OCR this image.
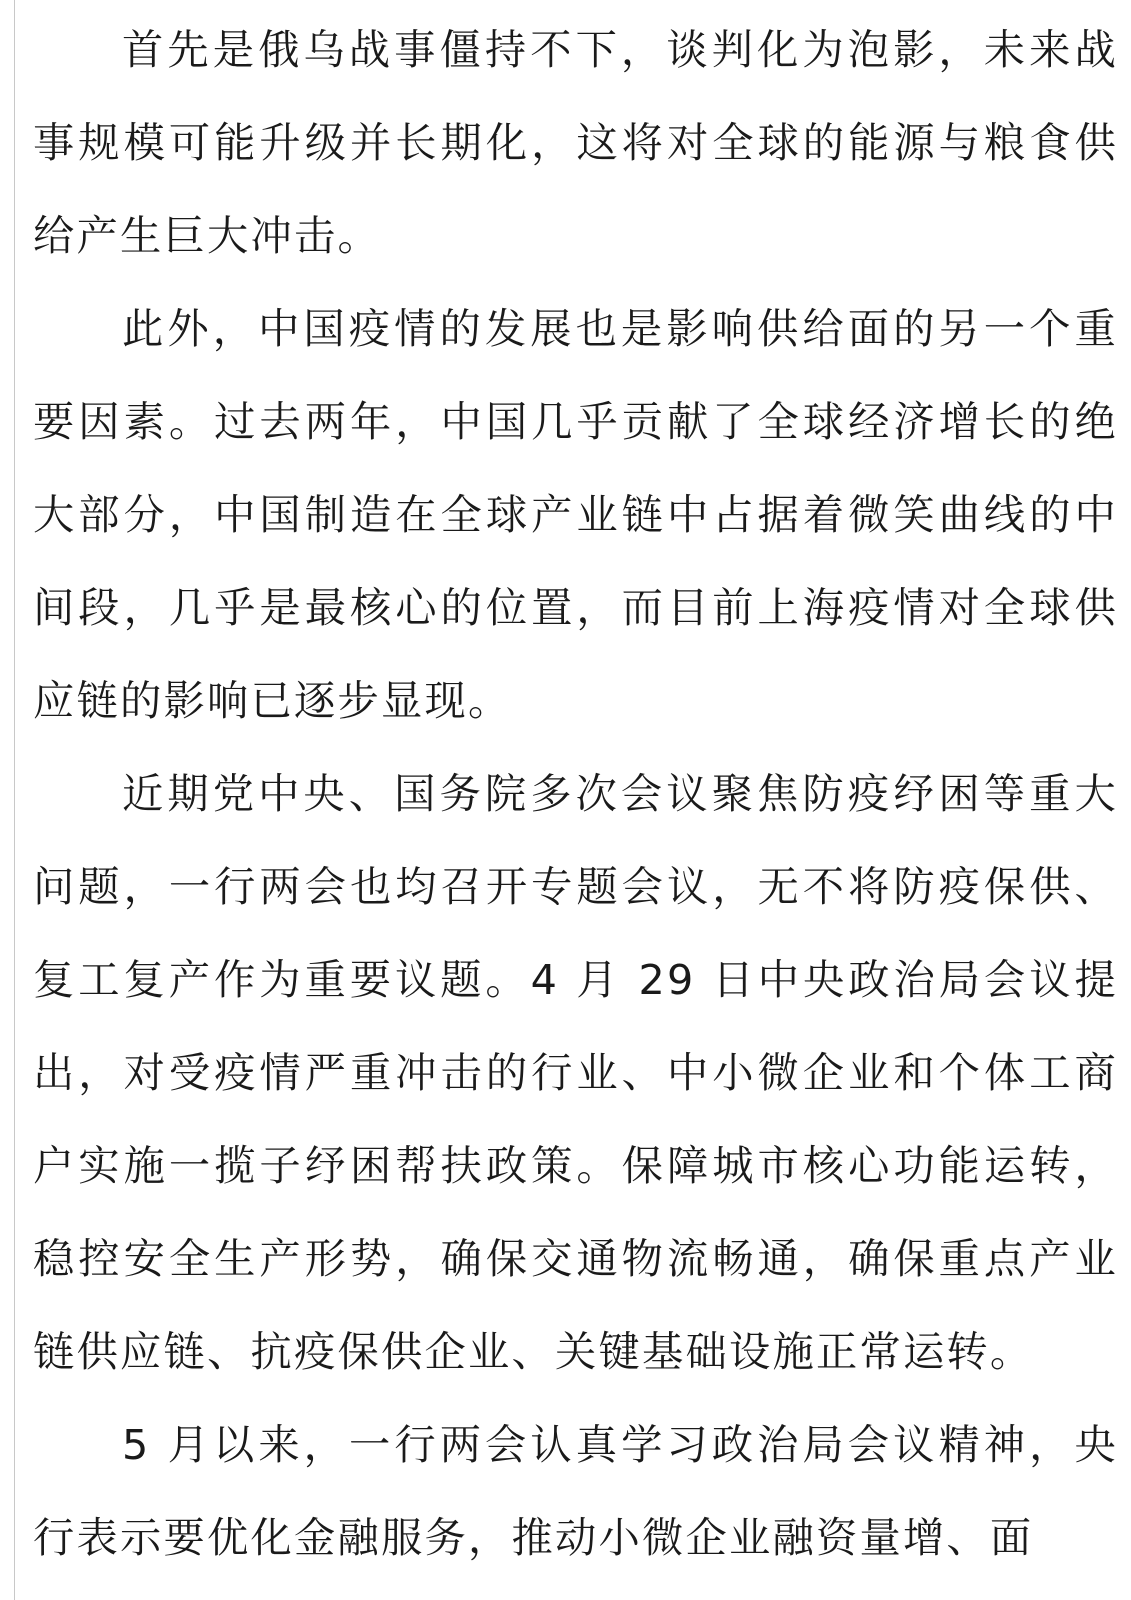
首先是俄乌战事僵持不下，谈判化为泡影，未来战事规模可能升级并长期化，这将对全球的能源与粮食供给产生巨大冲击。

此外，中国疫情的发展也是影响供给面的另一个重要因素。过去两年，中国几乎贡献了全球经济增长的绝大部分，中国制造在全球产业链中占据着微笑曲线的中间段，几乎是最核心的位置，而目前上海疫情对全球供应链的影响已逐步显现。

近期党中央、国务院多次会议聚焦防疫纾困等重大问题，一行两会也均召开专题会议，无不将防疫保供、复工复产作为重要议题。4 月 29 日中央政治局会议提出，对受疫情严重冲击的行业、中小微企业和个体工商户实施一揽子纾困帮扶政策。保障城市核心功能运转，稳控安全生产形势，确保交通物流畅通，确保重点产业链供应链、抗疫保供企业、关键基础设施正常运转。

5 月以来，一行两会认真学习政治局会议精神，央行表示要优化金融服务，推动小微企业融资量增、面
